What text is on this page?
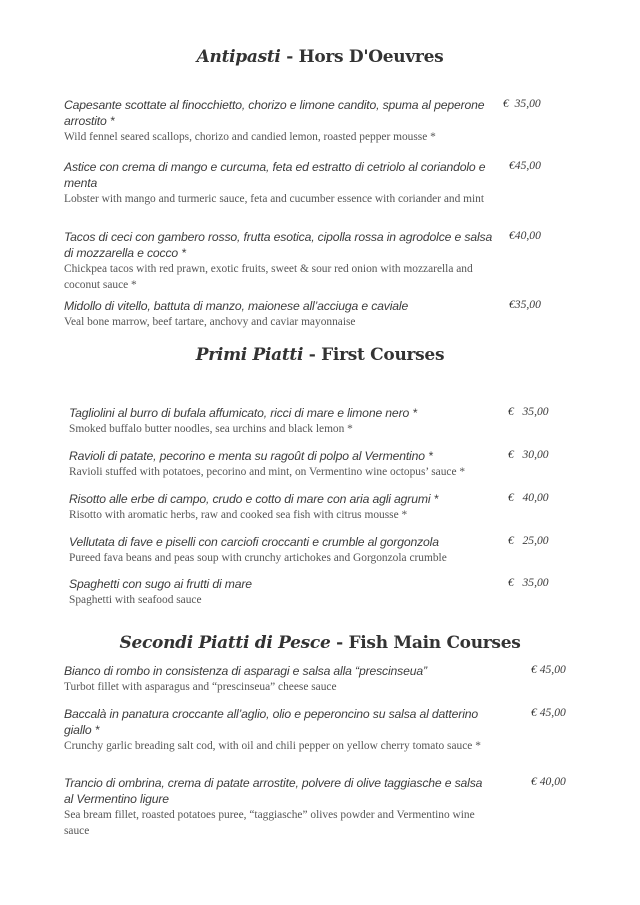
Antipasti - Hors D'Oeuvres
Capesante scottate al finocchietto, chorizo e limone candito, spuma al peperone arrostito *
Wild fennel seared scallops, chorizo and candied lemon, roasted pepper mousse *
€  35,00
Astice con crema di mango e curcuma, feta ed estratto di cetriolo al coriandolo e menta
Lobster with mango and turmeric sauce, feta and cucumber essence with coriander and mint
€45,00
Tacos di ceci con gambero rosso, frutta esotica, cipolla rossa in agrodolce e salsa di mozzarella e cocco *
Chickpea tacos with red prawn, exotic fruits, sweet & sour red onion with mozzarella and coconut sauce *
€40,00
Midollo di vitello, battuta di manzo, maionese all’acciuga e caviale
Veal bone marrow, beef tartare, anchovy and caviar mayonnaise
€35,00
Primi Piatti - First Courses
Tagliolini al burro di bufala affumicato, ricci di mare e limone nero *
Smoked buffalo butter noodles, sea urchins and black lemon *
€   35,00
Ravioli di patate, pecorino e menta su ragoût di polpo al Vermentino *
Ravioli stuffed with potatoes, pecorino and mint, on Vermentino wine octopus’ sauce *
€   30,00
Risotto alle erbe di campo, crudo e cotto di mare con aria agli agrumi *
Risotto with aromatic herbs, raw and cooked sea fish with citrus mousse *
€   40,00
Vellutata di fave e piselli con carciofi croccanti e crumble al gorgonzola
Pureed fava beans and peas soup with crunchy artichokes and Gorgonzola crumble
€   25,00
Spaghetti con sugo ai frutti di mare
Spaghetti with seafood sauce
€   35,00
Secondi Piatti di Pesce - Fish Main Courses
Bianco di rombo in consistenza di asparagi e salsa alla “prescinseua”
Turbot fillet with asparagus and “prescinseua” cheese sauce
€ 45,00
Baccalà in panatura croccante all’aglio, olio e peperoncino su salsa al datterino giallo *
Crunchy garlic breading salt cod, with oil and chili pepper on yellow cherry tomato sauce *
€ 45,00
Trancio di ombrina, crema di patate arrostite, polvere di olive taggiasche e salsa al Vermentino ligure
Sea bream fillet, roasted potatoes puree, “taggiasche” olives powder and Vermentino wine sauce
€ 40,00
